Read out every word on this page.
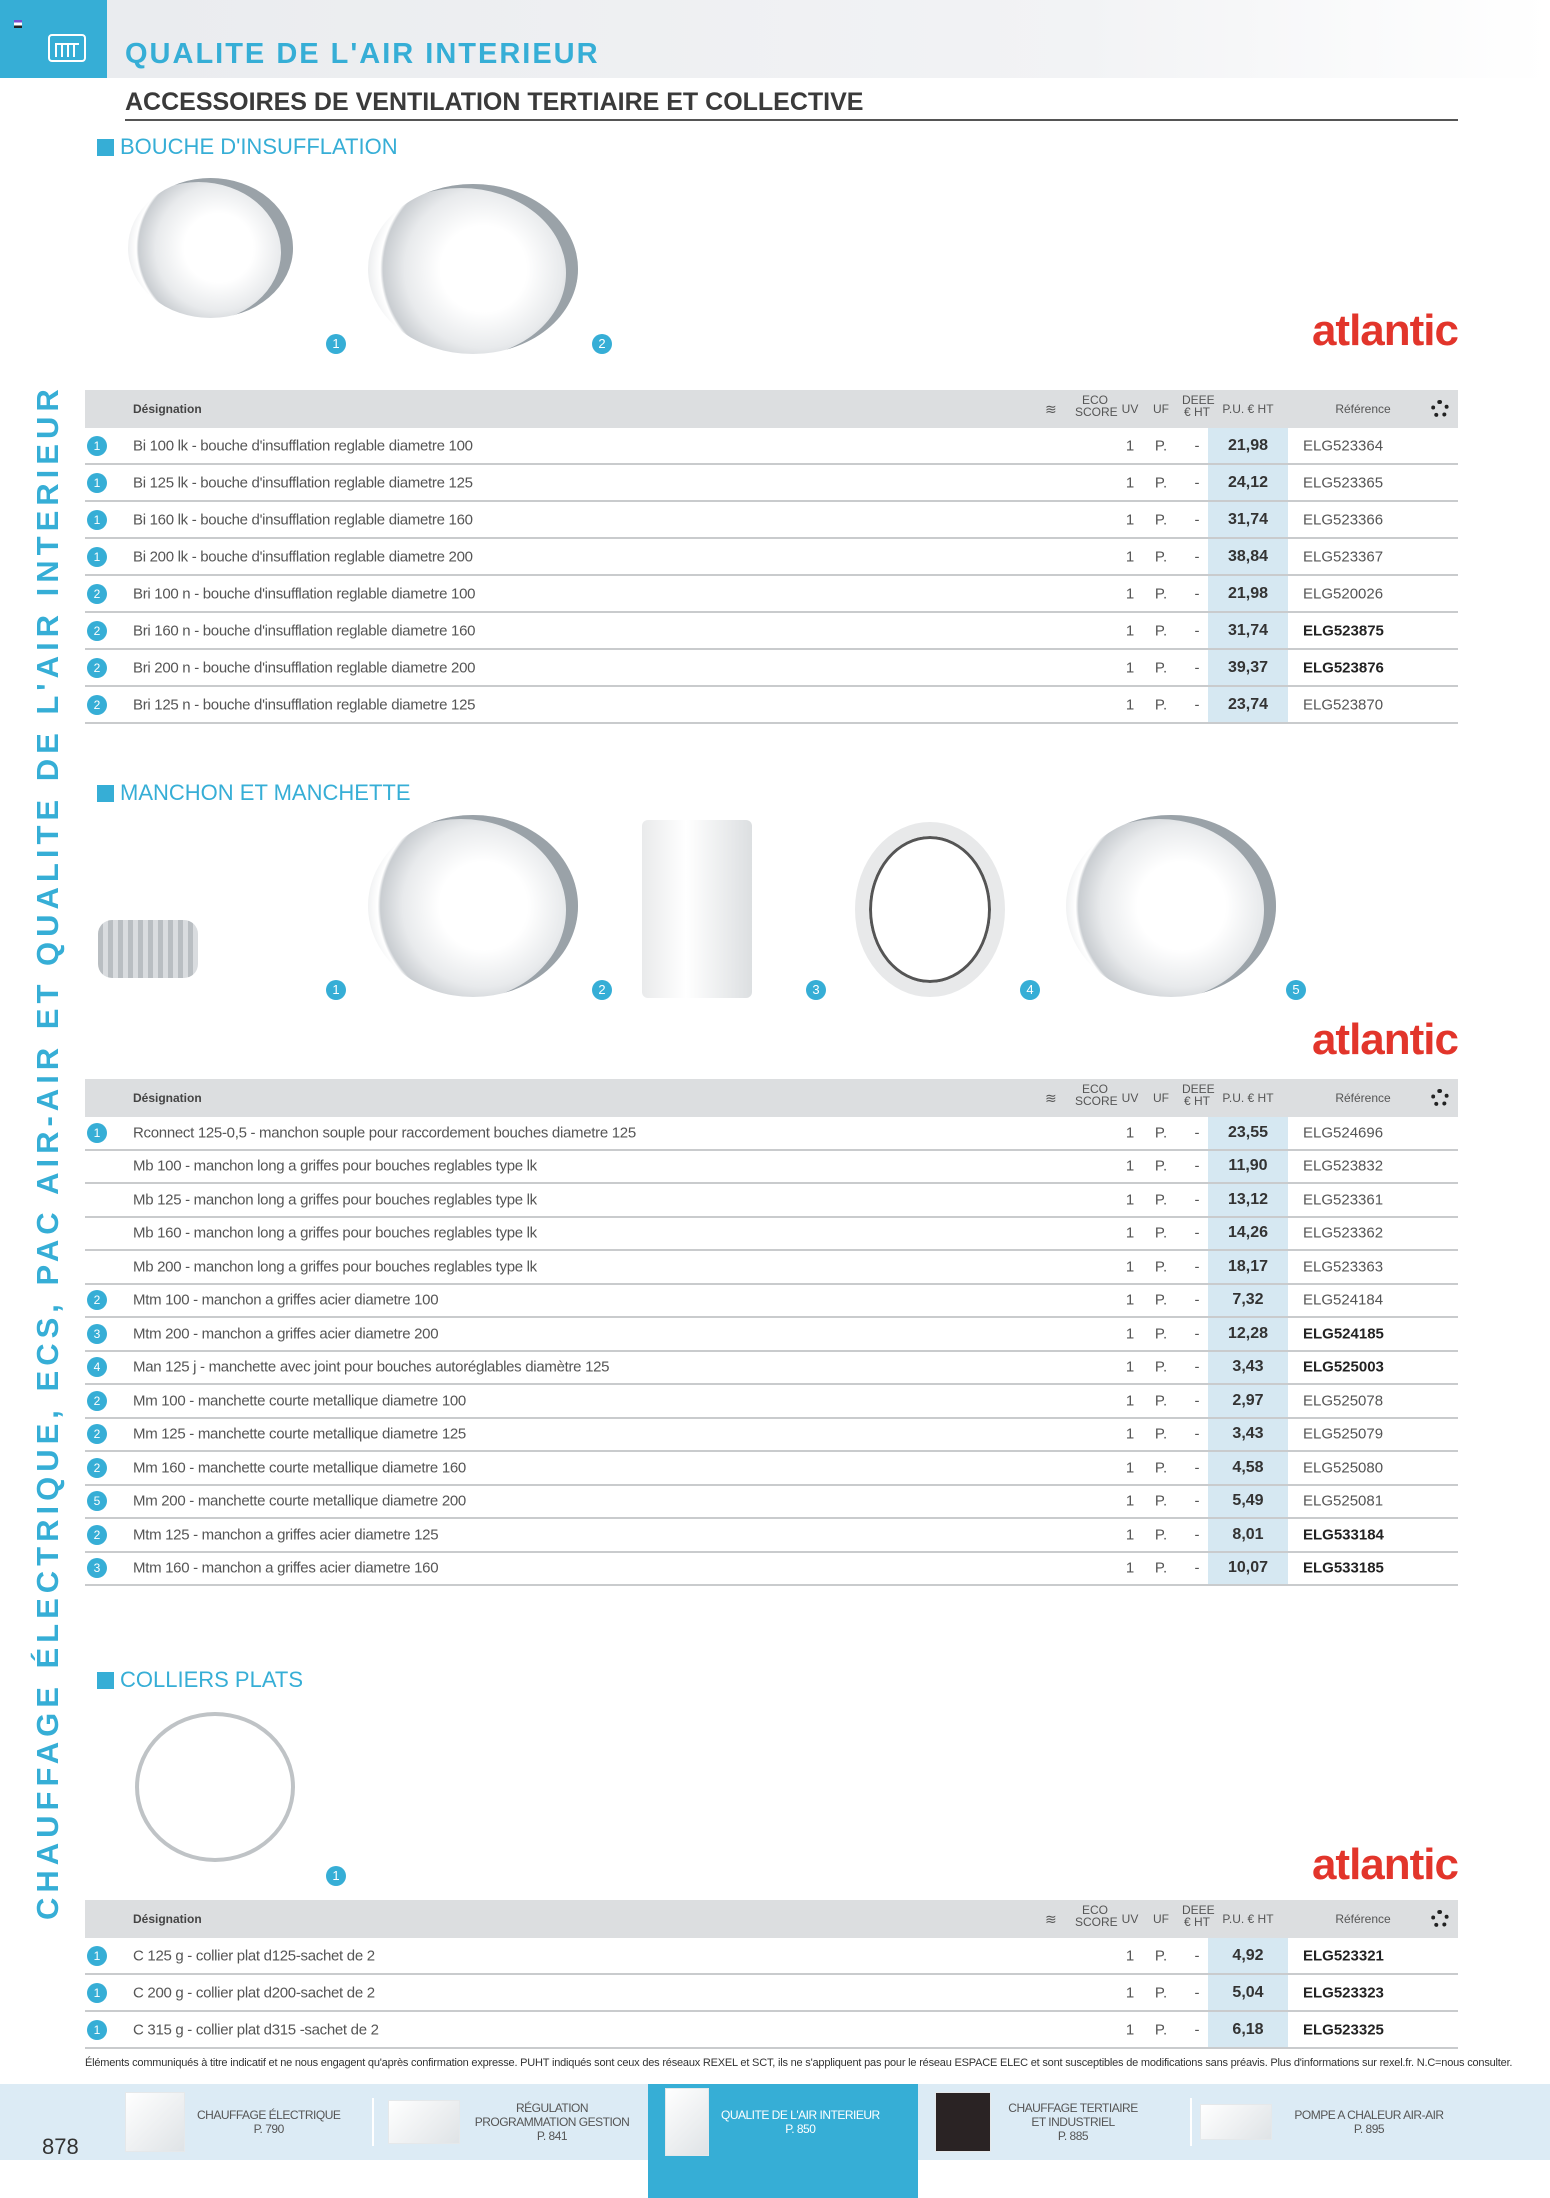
QUALITE DE L'AIR INTERIEUR
ACCESSOIRES DE VENTILATION TERTIAIRE ET COLLECTIVE
CHAUFFAGE ÉLECTRIQUE, ECS, PAC AIR-AIR ET QUALITE DE L'AIR INTERIEUR
BOUCHE D'INSUFFLATION
1	2	atlantic
Désignation	≋
ECO SCORE UV UF
DEEE € HT	P.U. € HT	Référence
1	Bi 100 lk - bouche d'insufflation reglable diametre 100	1	P.	-	21,98	ELG523364
1	Bi 125 lk - bouche d'insufflation reglable diametre 125	1	P.	-	24,12	ELG523365
1	Bi 160 lk - bouche d'insufflation reglable diametre 160	1	P.	-	31,74	ELG523366
1	Bi 200 lk - bouche d'insufflation reglable diametre 200	1	P.	-	38,84	ELG523367
2	Bri 100 n - bouche d'insufflation reglable diametre 100	1	P.	-	21,98	ELG520026
2	Bri 160 n - bouche d'insufflation reglable diametre 160	1	P.	-	31,74	ELG523875
2	Bri 200 n - bouche d'insufflation reglable diametre 200	1	P.	-	39,37	ELG523876
2	Bri 125 n - bouche d'insufflation reglable diametre 125	1	P.	-	23,74	ELG523870
MANCHON ET MANCHETTE
1	2	3	4	5
atlantic
Désignation	≋
ECO SCORE UV UF
DEEE € HT	P.U. € HT	Référence
1	Rconnect 125-0,5 - manchon souple pour raccordement bouches diametre 125	1	P.	-	23,55	ELG524696
Mb 100 - manchon long a griffes pour bouches reglables type lk	1	P.	-	11,90	ELG523832
Mb 125 - manchon long a griffes pour bouches reglables type lk	1	P.	-	13,12	ELG523361
Mb 160 - manchon long a griffes pour bouches reglables type lk	1	P.	-	14,26	ELG523362
Mb 200 - manchon long a griffes pour bouches reglables type lk	1	P.	-	18,17	ELG523363
2	Mtm 100 - manchon a griffes acier diametre 100	1	P.	-	7,32	ELG524184
3	Mtm 200 - manchon a griffes acier diametre 200	1	P.	-	12,28	ELG524185
4	Man 125 j - manchette avec joint pour bouches autoréglables diamètre 125	1	P.	-	3,43	ELG525003
2	Mm 100 - manchette courte metallique diametre 100	1	P.	-	2,97	ELG525078
2	Mm 125 - manchette courte metallique diametre 125	1	P.	-	3,43	ELG525079
2	Mm 160 - manchette courte metallique diametre 160	1	P.	-	4,58	ELG525080
5	Mm 200 - manchette courte metallique diametre 200	1	P.	-	5,49	ELG525081
2	Mtm 125 - manchon a griffes acier diametre 125	1	P.	-	8,01	ELG533184
3	Mtm 160 - manchon a griffes acier diametre 160	1	P.	-	10,07	ELG533185
COLLIERS PLATS
1	atlantic
Désignation	≋
ECO SCORE UV UF
DEEE € HT	P.U. € HT	Référence
1	C 125 g - collier plat d125-sachet de 2	1	P.	-	4,92	ELG523321
1	C 200 g - collier plat d200-sachet de 2	1	P.	-	5,04	ELG523323
1	C 315 g - collier plat d315 -sachet de 2	1	P.	-	6,18	ELG523325
Éléments communiqués à titre indicatif et ne nous engagent qu'après confirmation expresse. PUHT indiqués sont ceux des réseaux REXEL et SCT, ils ne s'appliquent pas pour le réseau ESPACE ELEC et sont susceptibles de modifications sans préavis. Plus d'informations sur rexel.fr. N.C=nous consulter.
878
CHAUFFAGE ÉLECTRIQUE
P. 790
RÉGULATION PROGRAMMATION GESTION
P. 841
QUALITE DE L'AIR INTERIEUR
P. 850
CHAUFFAGE TERTIAIRE ET INDUSTRIEL
P. 885
POMPE A CHALEUR AIR-AIR
P. 895
